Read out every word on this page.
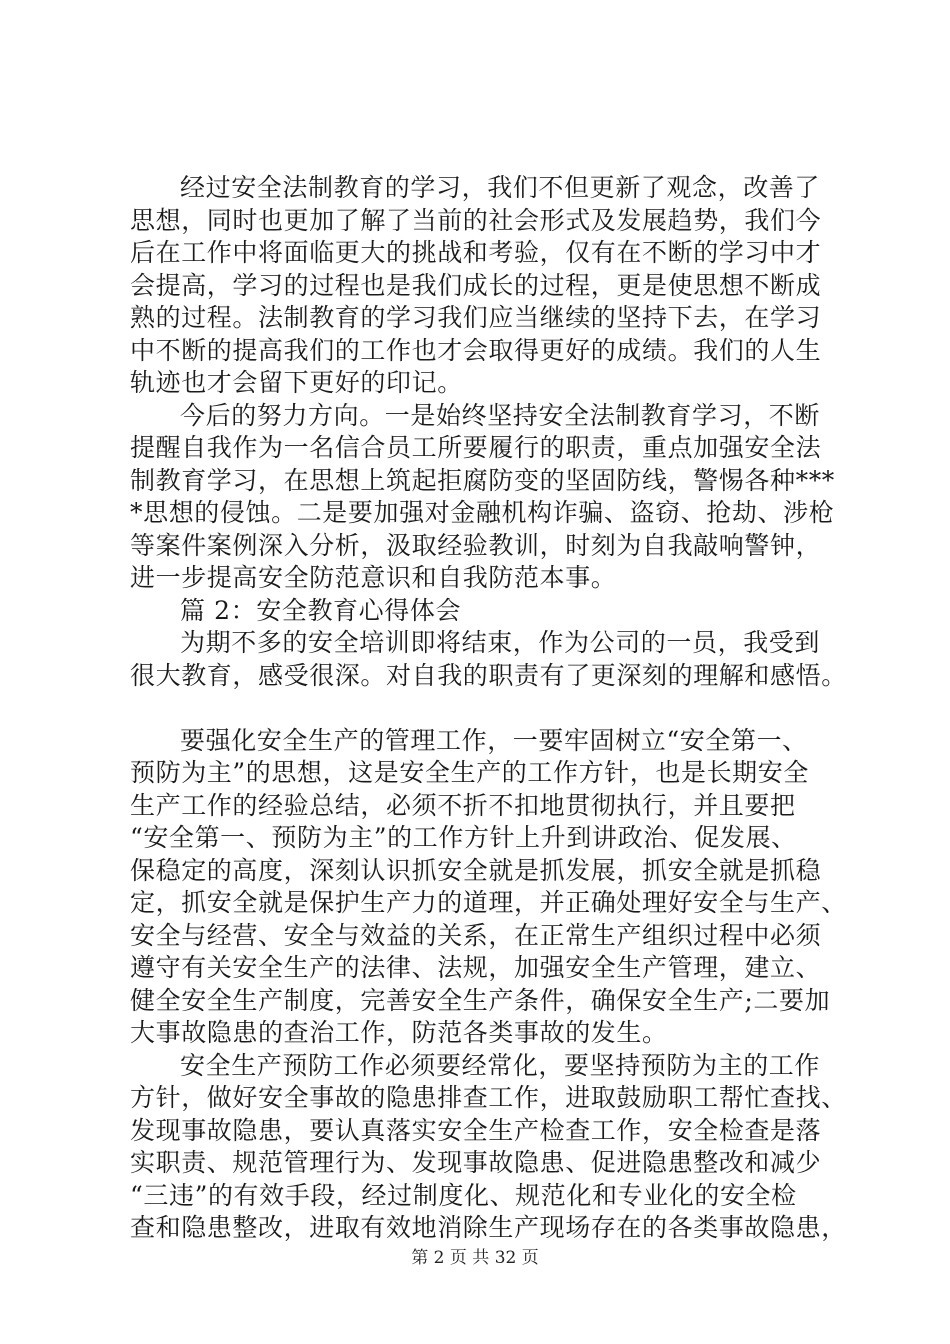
经过安全法制教育的学习，我们不但更新了观念，改善了
思想，同时也更加了解了当前的社会形式及发展趋势，我们今
后在工作中将面临更大的挑战和考验，仅有在不断的学习中才
会提高，学习的过程也是我们成长的过程，更是使思想不断成
熟的过程。法制教育的学习我们应当继续的坚持下去，在学习
中不断的提高我们的工作也才会取得更好的成绩。我们的人生
轨迹也才会留下更好的印记。
今后的努力方向。一是始终坚持安全法制教育学习，不断
提醒自我作为一名信合员工所要履行的职责，重点加强安全法
制教育学习，在思想上筑起拒腐防变的坚固防线，警惕各种***
*思想的侵蚀。二是要加强对金融机构诈骗、盗窃、抢劫、涉枪
等案件案例深入分析，汲取经验教训，时刻为自我敲响警钟，
进一步提高安全防范意识和自我防范本事。
篇 2：安全教育心得体会
为期不多的安全培训即将结束，作为公司的一员，我受到
很大教育，感受很深。对自我的职责有了更深刻的理解和感悟。
要强化安全生产的管理工作，一要牢固树立“安全第一、
预防为主”的思想，这是安全生产的工作方针，也是长期安全
生产工作的经验总结，必须不折不扣地贯彻执行，并且要把
“安全第一、预防为主”的工作方针上升到讲政治、促发展、
保稳定的高度，深刻认识抓安全就是抓发展，抓安全就是抓稳
定，抓安全就是保护生产力的道理，并正确处理好安全与生产、
安全与经营、安全与效益的关系，在正常生产组织过程中必须
遵守有关安全生产的法律、法规，加强安全生产管理，建立、
健全安全生产制度，完善安全生产条件，确保安全生产;二要加
大事故隐患的查治工作，防范各类事故的发生。
安全生产预防工作必须要经常化，要坚持预防为主的工作
方针，做好安全事故的隐患排查工作，进取鼓励职工帮忙查找、
发现事故隐患，要认真落实安全生产检查工作，安全检查是落
实职责、规范管理行为、发现事故隐患、促进隐患整改和减少
“三违”的有效手段，经过制度化、规范化和专业化的安全检
查和隐患整改，进取有效地消除生产现场存在的各类事故隐患，
第 2 页 共 32 页
